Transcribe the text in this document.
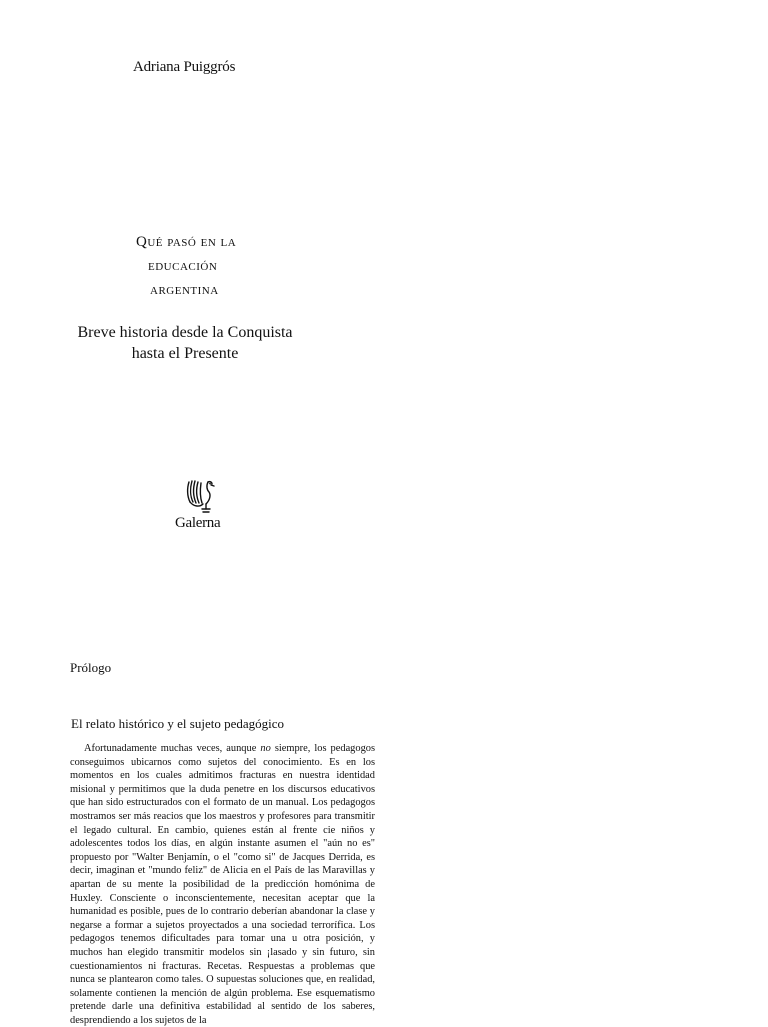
Adriana Puiggrós
Qué pasó en la
educación
argentina
Breve historia desde la Conquista hasta el Presente
Galerna
Prólogo
El relato histórico y el sujeto pedagógico

Afortunadamente muchas veces, aunque no siempre, los pedagogos conseguimos ubicarnos como sujetos del conocimiento. Es en los momentos en los cuales admitimos fracturas en nuestra identidad misional y permitimos que la duda penetre en los discursos educativos que han sido estructurados con el formato de un manual. Los pedagogos mostramos ser más reacios que los maestros y profesores para transmitir el legado cultural. En cambio, quienes están al frente cie niños y adolescentes todos los días, en algún instante asumen el "aún no es" propuesto por "Walter Benjamín, o el "como si" de Jacques Derrida, es decir, imaginan et "mundo feliz" de Alicia en el País de las Maravillas y apartan de su mente la posibilidad de la predicción homónima de Huxley. Consciente o inconscientemente, necesitan aceptar que la humanidad es posible, pues de lo contrario deberían abandonar la clase y negarse a formar a sujetos proyectados a una sociedad terrorífica. Los pedagogos tenemos dificultades para tomar una u otra posición, y muchos han elegido transmitir modelos sin ¡lasado y sin futuro, sin cuestionamientos ni fracturas. Recetas. Respuestas a problemas que nunca se plantearon como tales. O supuestas soluciones que, en realidad, solamente contienen la mención de algún problema. Ese esquematismo pretende darle una definitiva estabilidad al sentido de los saberes, desprendiendo a los sujetos de la
